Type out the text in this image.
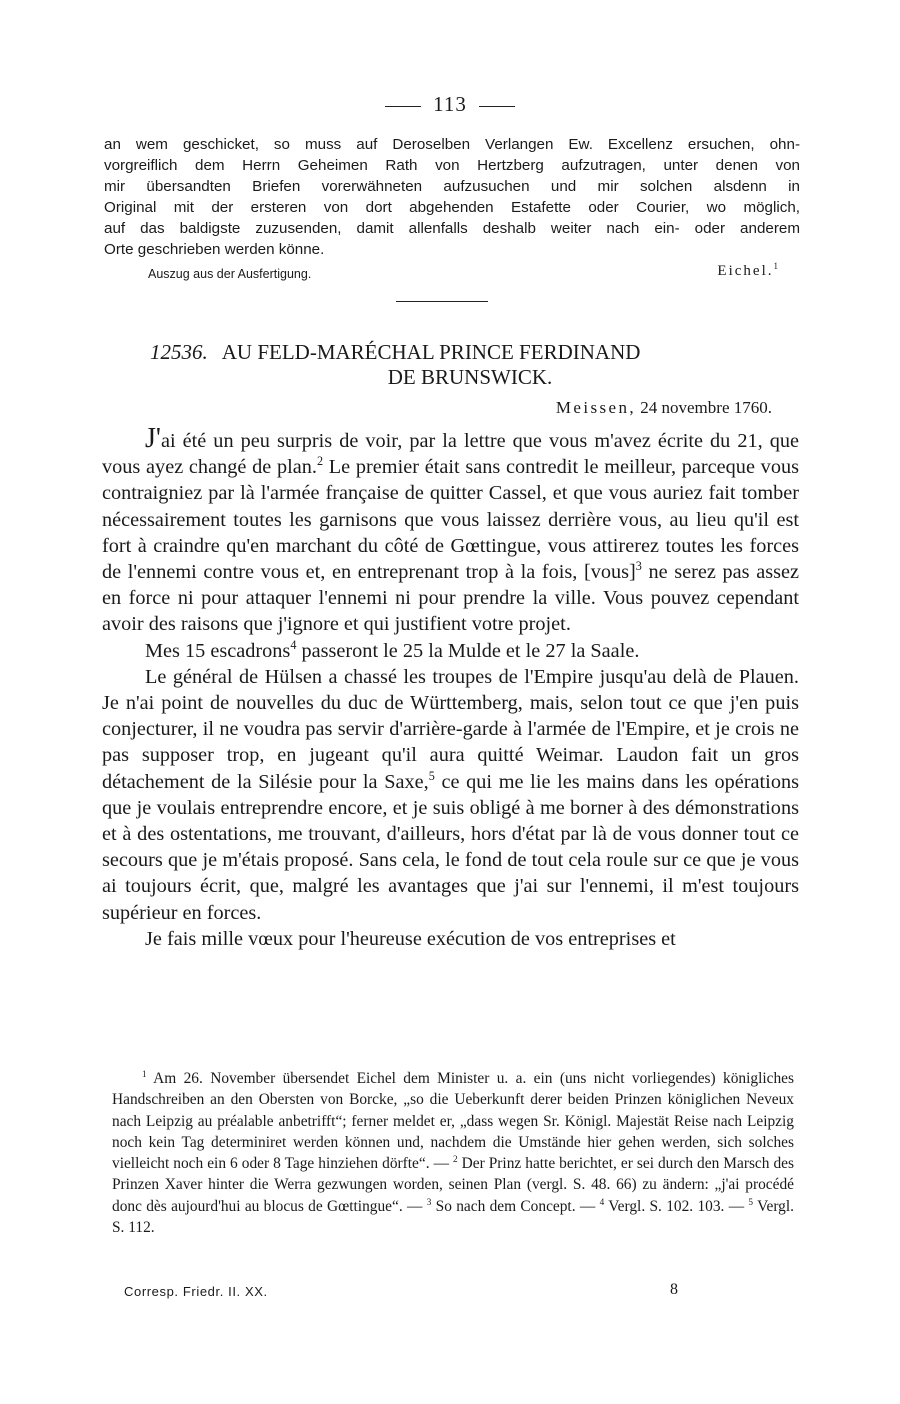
113
an wem geschicket, so muss auf Deroselben Verlangen Ew. Excellenz ersuchen, ohn-
vorgreiflich dem Herrn Geheimen Rath von Hertzberg aufzutragen, unter denen von
mir übersandten Briefen vorerwähneten aufzusuchen und mir solchen alsdenn in
Original mit der ersteren von dort abgehenden Estafette oder Courier, wo möglich,
auf das baldigste zuzusenden, damit allenfalls deshalb weiter nach ein- oder anderem
Orte geschrieben werden könne.
Auszug aus der Ausfertigung.	Eichel.$^1$
12536. AU FELD-MARÉCHAL PRINCE FERDINAND
DE BRUNSWICK.
Meissen, 24 novembre 1760.

J'ai été un peu surpris de voir, par la lettre que vous m'avez écrite du 21, que vous ayez changé de plan.$^2$ Le premier était sans contredit le meilleur, parceque vous contraigniez par là l'armée française de quitter Cassel, et que vous auriez fait tomber nécessairement toutes les garnisons que vous laissez derrière vous, au lieu qu'il est fort à craindre qu'en marchant du côté de Gœttingue, vous attirerez toutes les forces de l'ennemi contre vous et, en entreprenant trop à la fois, [vous]$^3$ ne serez pas assez en force ni pour attaquer l'ennemi ni pour prendre la ville. Vous pouvez cependant avoir des raisons que j'ignore et qui justifient votre projet.

Mes 15 escadrons$^4$ passeront le 25 la Mulde et le 27 la Saale.

Le général de Hülsen a chassé les troupes de l'Empire jusqu'au delà de Plauen. Je n'ai point de nouvelles du duc de Württemberg, mais, selon tout ce que j'en puis conjecturer, il ne voudra pas servir d'arrière-garde à l'armée de l'Empire, et je crois ne pas supposer trop, en jugeant qu'il aura quitté Weimar. Laudon fait un gros détachement de la Silésie pour la Saxe,$^5$ ce qui me lie les mains dans les opérations que je voulais entreprendre encore, et je suis obligé à me borner à des démonstrations et à des ostentations, me trouvant, d'ailleurs, hors d'état par là de vous donner tout ce secours que je m'étais proposé. Sans cela, le fond de tout cela roule sur ce que je vous ai toujours écrit, que, malgré les avantages que j'ai sur l'ennemi, il m'est toujours supérieur en forces.

Je fais mille vœux pour l'heureuse exécution de vos entreprises et

$^1$ Am 26. November übersendet Eichel dem Minister u. a. ein (uns nicht vorliegendes) königliches Handschreiben an den Obersten von Borcke, „so die Ueberkunft derer beiden Prinzen königlichen Neveux nach Leipzig au préalable anbetrifft“; ferner meldet er, „dass wegen Sr. Königl. Majestät Reise nach Leipzig noch kein Tag determiniret werden können und, nachdem die Umstände hier gehen werden, sich solches vielleicht noch ein 6 oder 8 Tage hinziehen dörfte“. — $^2$ Der Prinz hatte berichtet, er sei durch den Marsch des Prinzen Xaver hinter die Werra gezwungen worden, seinen Plan (vergl. S. 48. 66) zu ändern: „j'ai procédé donc dès aujourd'hui au blocus de Gœttingue“. — $^3$ So nach dem Concept. — $^4$ Vergl. S. 102. 103. — $^5$ Vergl. S. 112.

Corresp. Friedr. II. XX.	8
